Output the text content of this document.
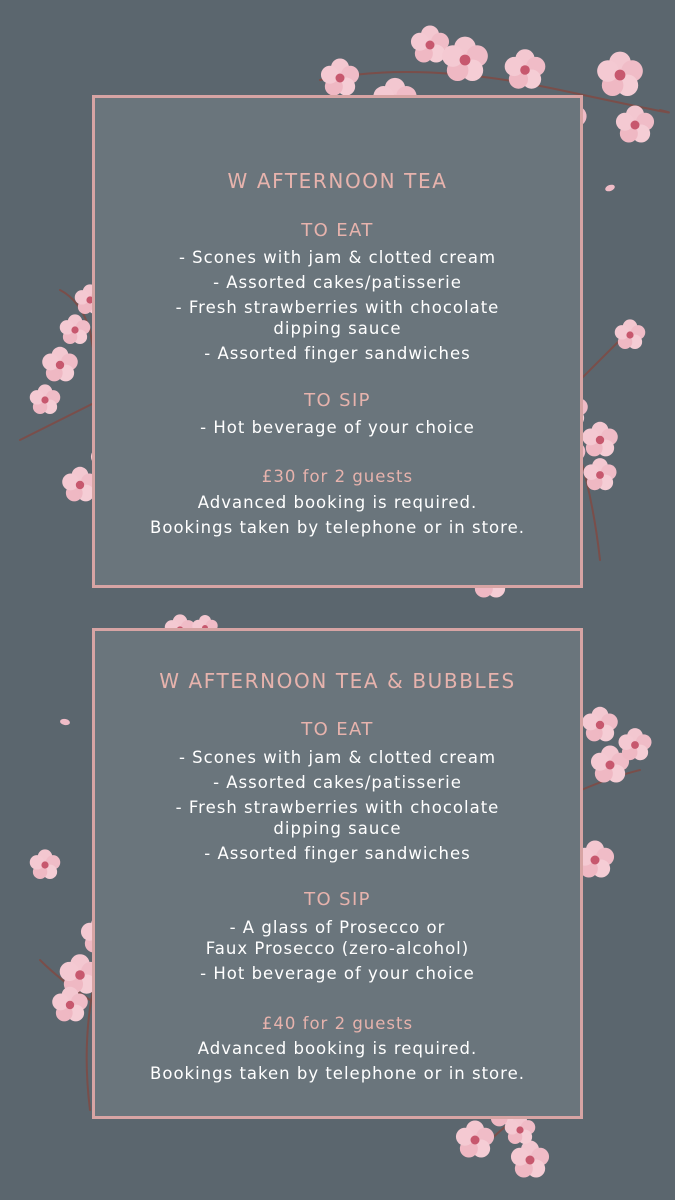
W AFTERNOON TEA
TO EAT
- Scones with jam & clotted cream
- Assorted cakes/patisserie
- Fresh strawberries with chocolate
dipping sauce
- Assorted finger sandwiches
TO SIP
- Hot beverage of your choice
£30 for 2 guests
Advanced booking is required.
Bookings taken by telephone or in store.
W AFTERNOON TEA & BUBBLES
TO EAT
- Scones with jam & clotted cream
- Assorted cakes/patisserie
- Fresh strawberries with chocolate
dipping sauce
- Assorted finger sandwiches
TO SIP
- A glass of Prosecco or
Faux Prosecco (zero-alcohol)
- Hot beverage of your choice
£40 for 2 guests
Advanced booking is required.
Bookings taken by telephone or in store.
